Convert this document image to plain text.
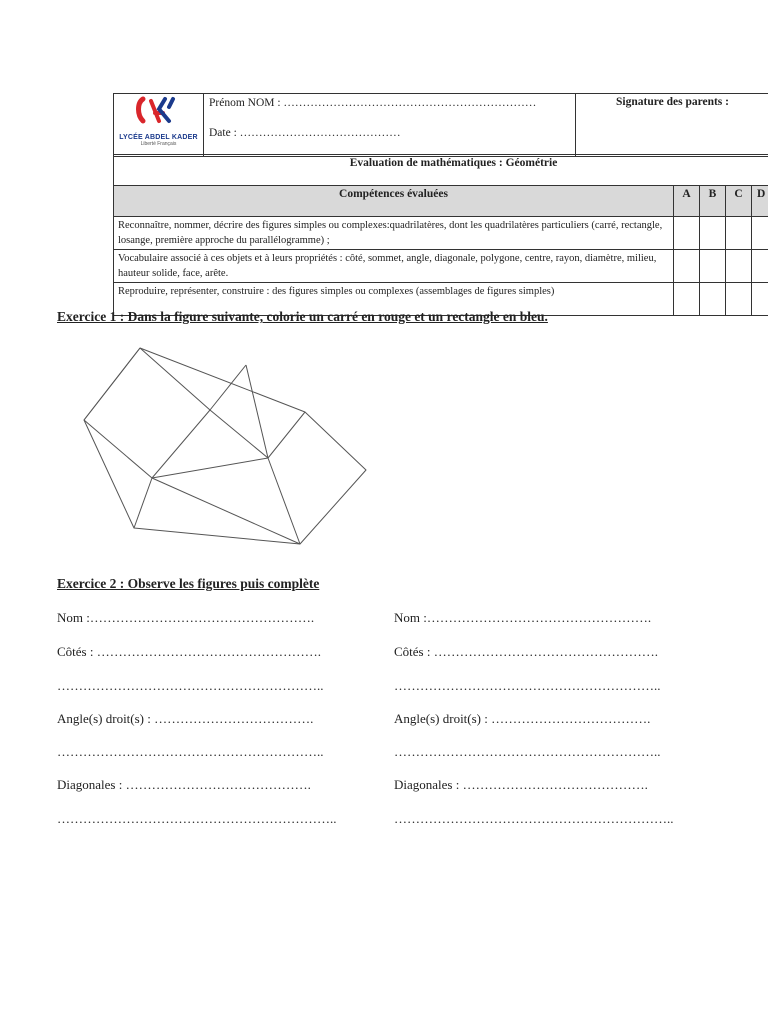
LYCÉE ABDEL KADER
Liberté Français

Prénom NOM : …………………………………………………………
Date : ……………………………………
	Signature des parents :
Evaluation de mathématiques : Géométrie				
Compétences évaluées	A	B	C	D
Reconnaître, nommer, décrire des figures simples ou complexes:quadrilatères, dont les quadrilatères particuliers (carré, rectangle, losange, première approche du parallélogramme) ;				
Vocabulaire associé à ces objets et à leurs propriétés : côté, sommet, angle, diagonale, polygone, centre, rayon, diamètre, milieu, hauteur solide, face, arête.				
Reproduire, représenter, construire : des figures simples ou complexes (assemblages de figures simples)				
Exercice 1 : Dans la figure suivante, colorie un carré en rouge et un rectangle en bleu.
Exercice 2 : Observe les figures puis complète
Nom :…………………………………………….
Côtés : …………………………………………….
……………………………………………………..
Angle(s) droit(s) : ……………………………….
……………………………………………………..
Diagonales : …………………………………….
………………………………………………………..
Nom :…………………………………………….
Côtés : …………………………………………….
……………………………………………………..
Angle(s) droit(s) : ……………………………….
……………………………………………………..
Diagonales : …………………………………….
………………………………………………………..
